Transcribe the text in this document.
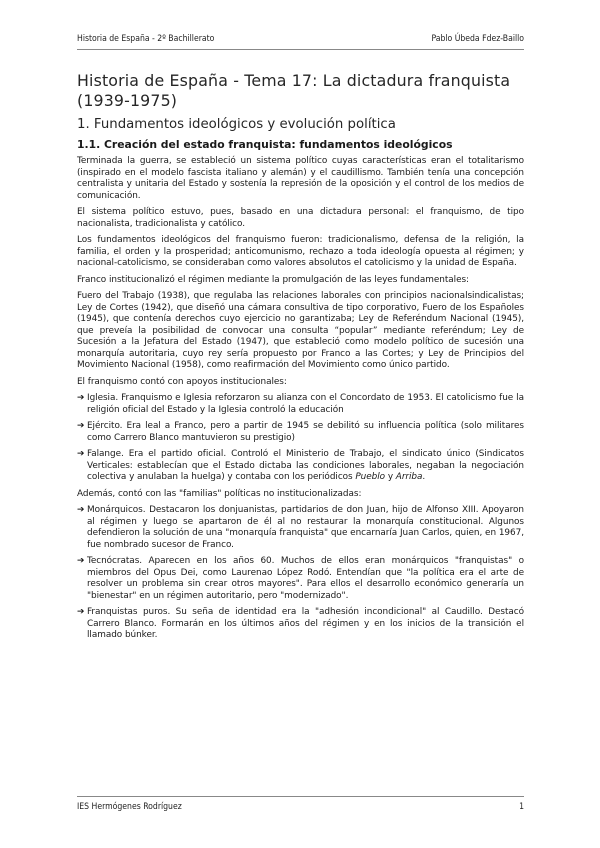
Historia de España - 2º Bachillerato	Pablo Úbeda Fdez-Baillo
Historia de España - Tema 17: La dictadura franquista (1939-1975)
1. Fundamentos ideológicos y evolución política
1.1. Creación del estado franquista: fundamentos ideológicos

Terminada la guerra, se estableció un sistema político cuyas características eran el totalitarismo (inspirado en el modelo fascista italiano y alemán) y el caudillismo. También tenía una concepción centralista y unitaria del Estado y sostenía la represión de la oposición y el control de los medios de comunicación.

El sistema político estuvo, pues, basado en una dictadura personal: el franquismo, de tipo nacionalista, tradicionalista y católico.

Los fundamentos ideológicos del franquismo fueron: tradicionalismo, defensa de la religión, la familia, el orden y la prosperidad; anticomunismo, rechazo a toda ideología opuesta al régimen; y nacional-catolicismo, se consideraban como valores absolutos el catolicismo y la unidad de España.

Franco institucionalizó el régimen mediante la promulgación de las leyes fundamentales:

Fuero del Trabajo (1938), que regulaba las relaciones laborales con principios nacionalsindicalistas; Ley de Cortes (1942), que diseñó una cámara consultiva de tipo corporativo, Fuero de los Españoles (1945), que contenía derechos cuyo ejercicio no garantizaba; Ley de Referéndum Nacional (1945), que preveía la posibilidad de convocar una consulta “popular” mediante referéndum; Ley de Sucesión a la Jefatura del Estado (1947), que estableció como modelo político de sucesión una monarquía autoritaria, cuyo rey sería propuesto por Franco a las Cortes; y Ley de Principios del Movimiento Nacional (1958), como reafirmación del Movimiento como único partido.

El franquismo contó con apoyos institucionales:

➔ Iglesia. Franquismo e Iglesia reforzaron su alianza con el Concordato de 1953. El catolicismo fue la religión oficial del Estado y la Iglesia controló la educación
➔ Ejército. Era leal a Franco, pero a partir de 1945 se debilitó su influencia política (solo militares como Carrero Blanco mantuvieron su prestigio)
➔ Falange. Era el partido oficial. Controló el Ministerio de Trabajo, el sindicato único (Sindicatos Verticales: establecían que el Estado dictaba las condiciones laborales, negaban la negociación colectiva y anulaban la huelga) y contaba con los periódicos Pueblo y Arriba.

Además, contó con las "familias" políticas no institucionalizadas:

➔ Monárquicos. Destacaron los donjuanistas, partidarios de don Juan, hijo de Alfonso XIII. Apoyaron al régimen y luego se apartaron de él al no restaurar la monarquía constitucional. Algunos defendieron la solución de una "monarquía franquista" que encarnaría Juan Carlos, quien, en 1967, fue nombrado sucesor de Franco.
➔ Tecnócratas. Aparecen en los años 60. Muchos de ellos eran monárquicos "franquistas" o miembros del Opus Dei, como Laurenao López Rodó. Entendían que "la política era el arte de resolver un problema sin crear otros mayores". Para ellos el desarrollo económico generaría un "bienestar" en un régimen autoritario, pero "modernizado".
➔ Franquistas puros. Su seña de identidad era la "adhesión incondicional" al Caudillo. Destacó Carrero Blanco. Formarán en los últimos años del régimen y en los inicios de la transición el llamado búnker.
IES Hermógenes Rodríguez	1
